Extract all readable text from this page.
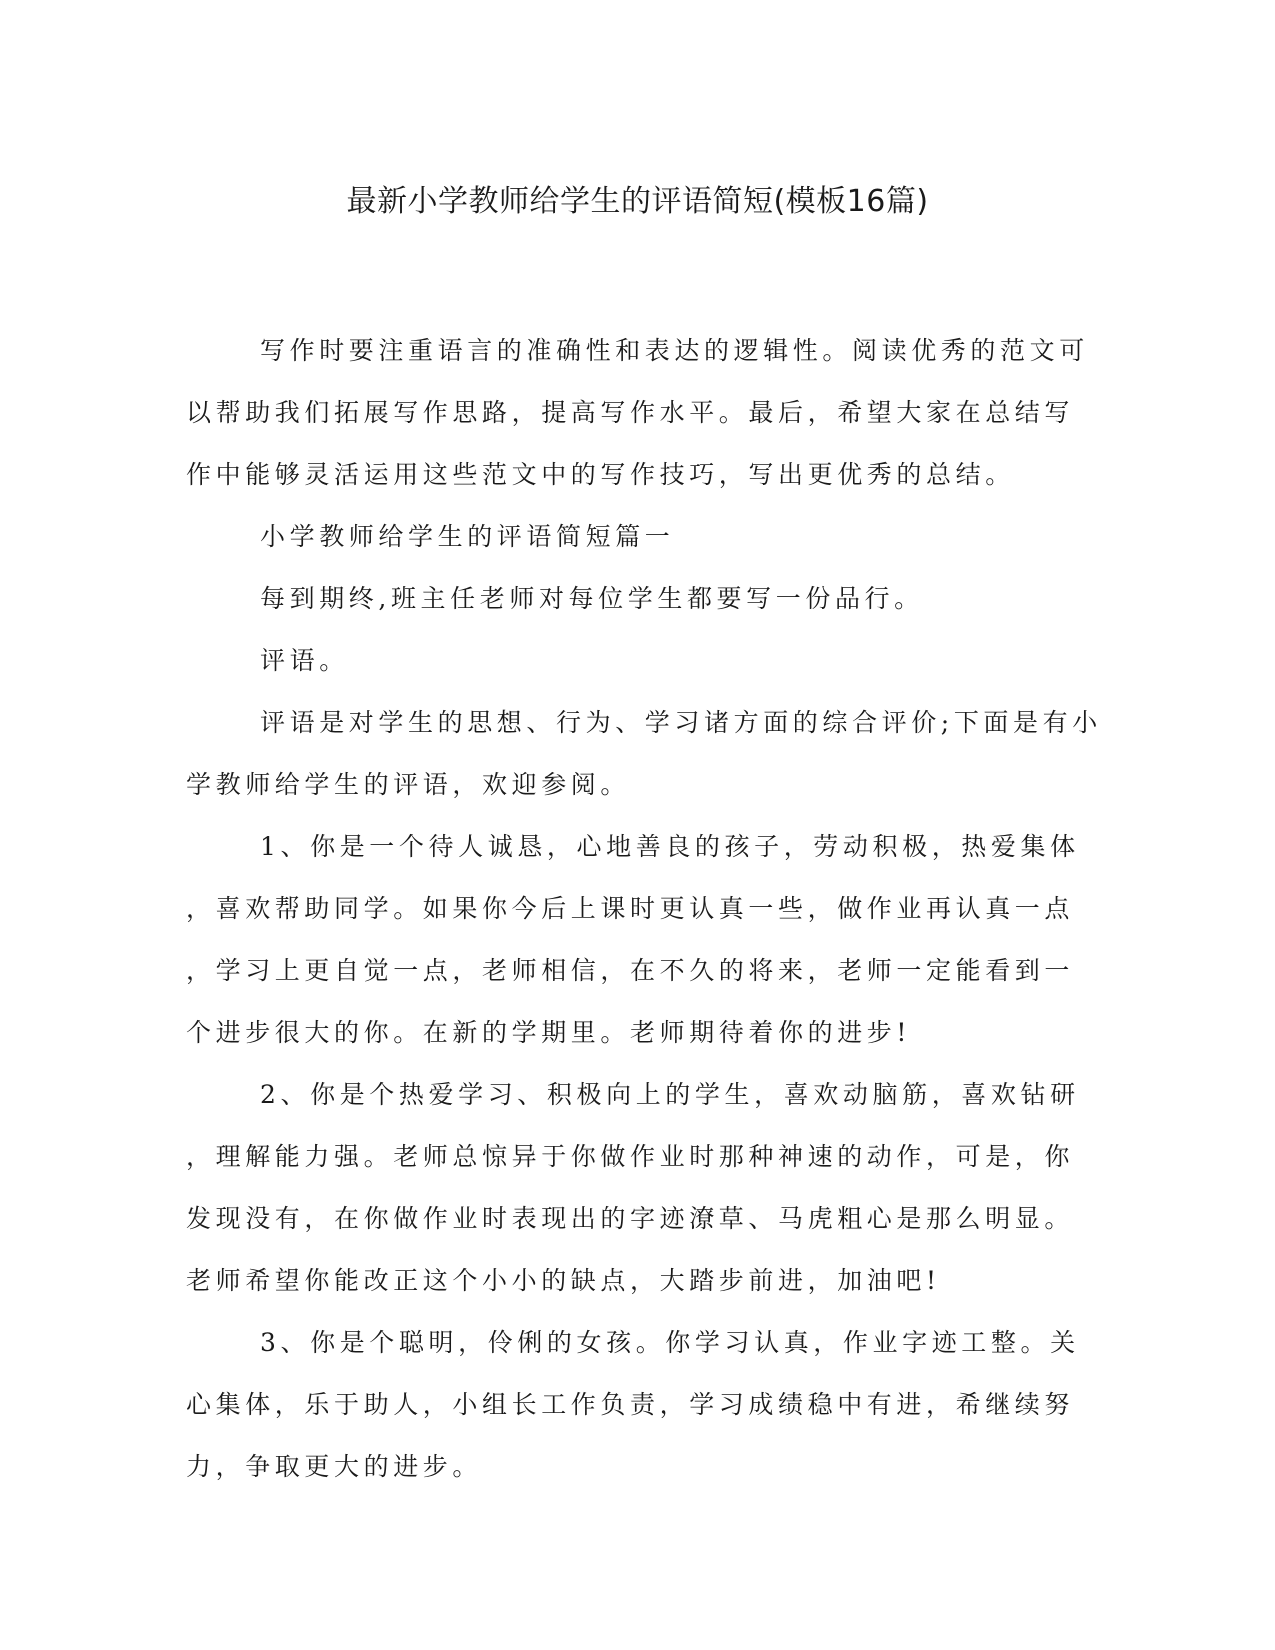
最新小学教师给学生的评语简短(模板16篇)
写作时要注重语言的准确性和表达的逻辑性。阅读优秀的范文可
以帮助我们拓展写作思路，提高写作水平。最后，希望大家在总结写
作中能够灵活运用这些范文中的写作技巧，写出更优秀的总结。
小学教师给学生的评语简短篇一
每到期终,班主任老师对每位学生都要写一份品行。
评语。
评语是对学生的思想、行为、学习诸方面的综合评价;下面是有小
学教师给学生的评语，欢迎参阅。
1、你是一个待人诚恳，心地善良的孩子，劳动积极，热爱集体
，喜欢帮助同学。如果你今后上课时更认真一些，做作业再认真一点
，学习上更自觉一点，老师相信，在不久的将来，老师一定能看到一
个进步很大的你。在新的学期里。老师期待着你的进步!
2、你是个热爱学习、积极向上的学生，喜欢动脑筋，喜欢钻研
，理解能力强。老师总惊异于你做作业时那种神速的动作，可是，你
发现没有，在你做作业时表现出的字迹潦草、马虎粗心是那么明显。
老师希望你能改正这个小小的缺点，大踏步前进，加油吧!
3、你是个聪明，伶俐的女孩。你学习认真，作业字迹工整。关
心集体，乐于助人，小组长工作负责，学习成绩稳中有进，希继续努
力，争取更大的进步。
